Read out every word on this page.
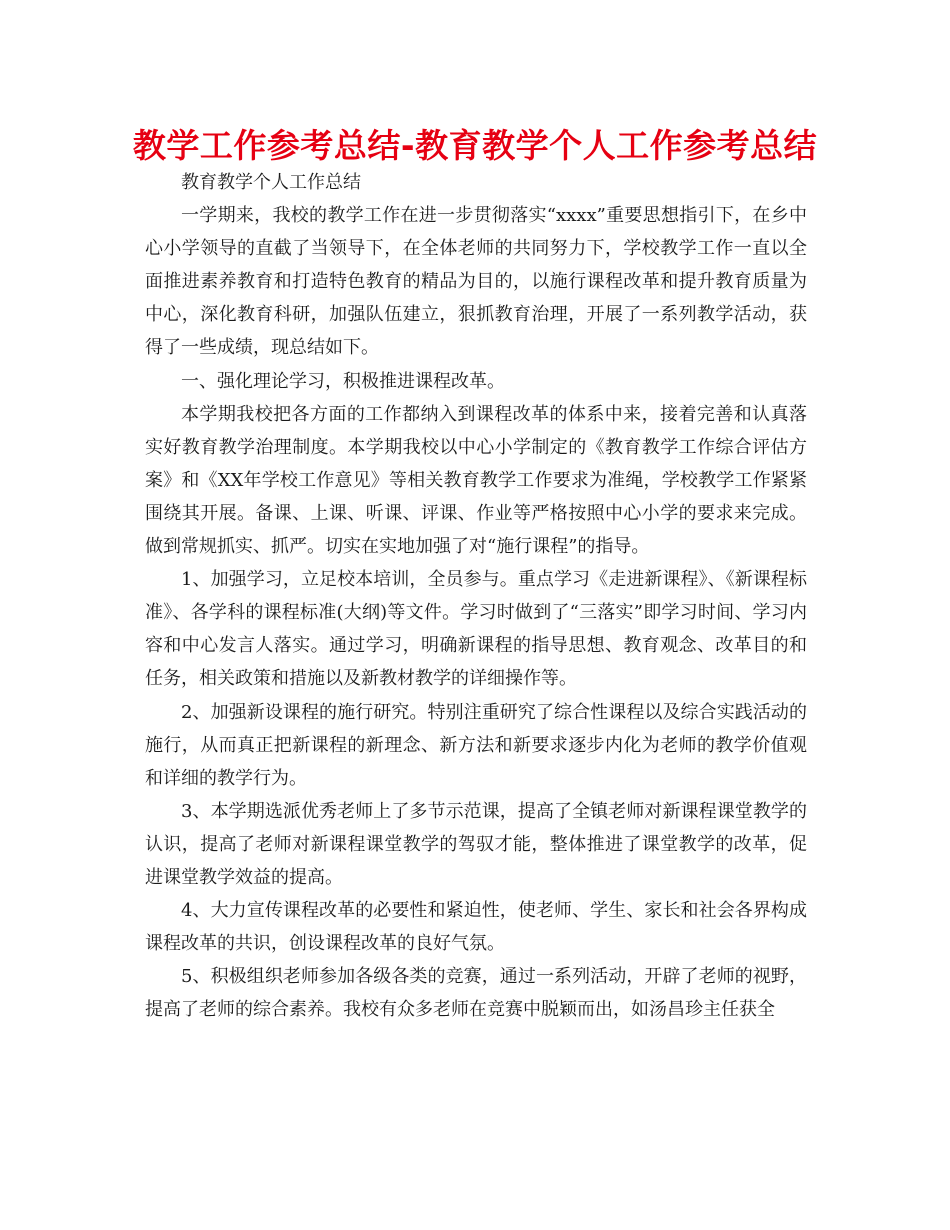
教学工作参考总结-教育教学个人工作参考总结

教育教学个人工作总结

一学期来，我校的教学工作在进一步贯彻落实“xxxx”重要思想指引下，在乡中心小学领导的直截了当领导下，在全体老师的共同努力下，学校教学工作一直以全面推进素养教育和打造特色教育的精品为目的，以施行课程改革和提升教育质量为中心，深化教育科研，加强队伍建立，狠抓教育治理，开展了一系列教学活动，获得了一些成绩，现总结如下。

一、强化理论学习，积极推进课程改革。

本学期我校把各方面的工作都纳入到课程改革的体系中来，接着完善和认真落实好教育教学治理制度。本学期我校以中心小学制定的《教育教学工作综合评估方案》和《XX年学校工作意见》等相关教育教学工作要求为准绳，学校教学工作紧紧围绕其开展。备课、上课、听课、评课、作业等严格按照中心小学的要求来完成。做到常规抓实、抓严。切实在实地加强了对“施行课程”的指导。

1、加强学习，立足校本培训，全员参与。重点学习《走进新课程》、《新课程标准》、各学科的课程标准(大纲)等文件。学习时做到了“三落实”即学习时间、学习内容和中心发言人落实。通过学习，明确新课程的指导思想、教育观念、改革目的和任务，相关政策和措施以及新教材教学的详细操作等。

2、加强新设课程的施行研究。特别注重研究了综合性课程以及综合实践活动的施行，从而真正把新课程的新理念、新方法和新要求逐步内化为老师的教学价值观和详细的教学行为。

3、本学期选派优秀老师上了多节示范课，提高了全镇老师对新课程课堂教学的认识，提高了老师对新课程课堂教学的驾驭才能，整体推进了课堂教学的改革，促进课堂教学效益的提高。

4、大力宣传课程改革的必要性和紧迫性，使老师、学生、家长和社会各界构成课程改革的共识，创设课程改革的良好气氛。

5、积极组织老师参加各级各类的竞赛，通过一系列活动，开辟了老师的视野，提高了老师的综合素养。我校有众多老师在竞赛中脱颖而出，如汤昌珍主任获全
